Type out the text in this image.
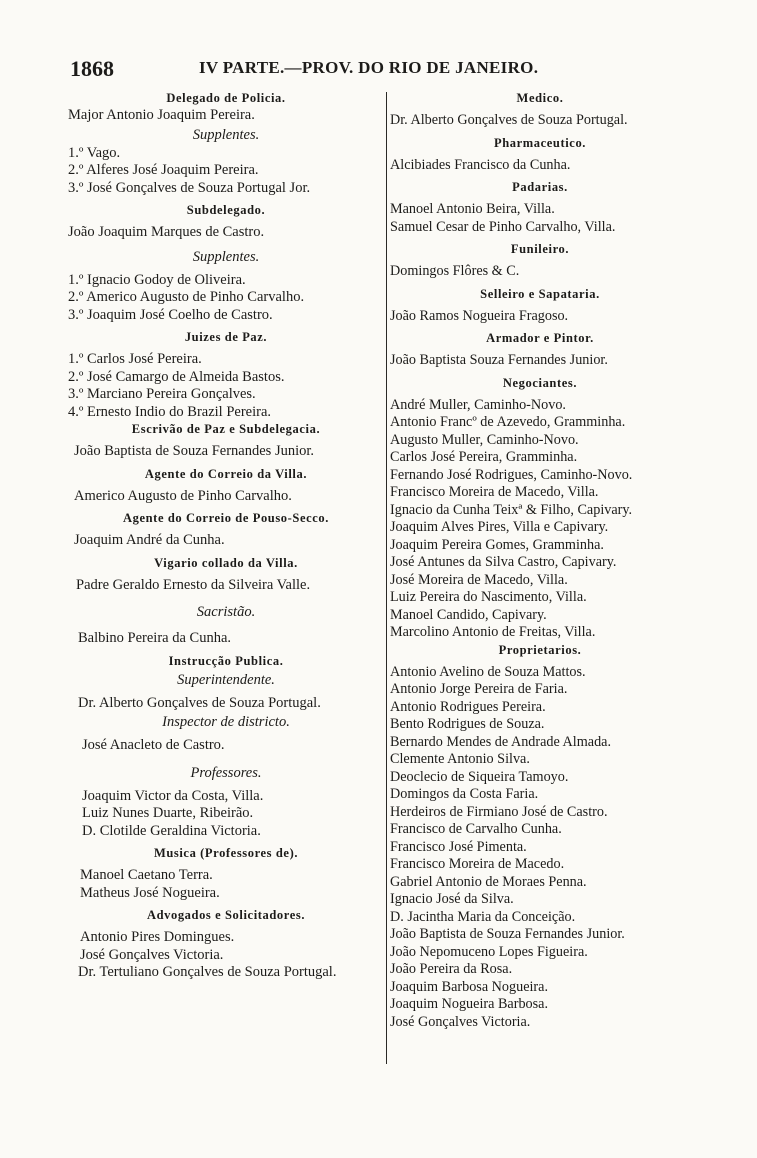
1868	IV PARTE.—PROV. DO RIO DE JANEIRO.
Delegado de Policia.
Major Antonio Joaquim Pereira.
Supplentes.
1.º Vago.
2.º Alferes José Joaquim Pereira.
3.º José Gonçalves de Souza Portugal Jor.
Subdelegado.
João Joaquim Marques de Castro.
Supplentes.
1.º Ignacio Godoy de Oliveira.
2.º Americo Augusto de Pinho Carvalho.
3.º Joaquim José Coelho de Castro.
Juizes de Paz.
1.º Carlos José Pereira.
2.º José Camargo de Almeida Bastos.
3.º Marciano Pereira Gonçalves.
4.º Ernesto Indio do Brazil Pereira.
Escrivão de Paz e Subdelegacia.
João Baptista de Souza Fernandes Junior.
Agente do Correio da Villa.
Americo Augusto de Pinho Carvalho.
Agente do Correio de Pouso-Secco.
Joaquim André da Cunha.
Vigario collado da Villa.
Padre Geraldo Ernesto da Silveira Valle.
Sacristão.
Balbino Pereira da Cunha.
Instrucção Publica.
Superintendente.
Dr. Alberto Gonçalves de Souza Portugal.
Inspector de districto.
José Anacleto de Castro.
Professores.
Joaquim Victor da Costa, Villa.
Luiz Nunes Duarte, Ribeirão.
D. Clotilde Geraldina Victoria.
Musica (Professores de).
Manoel Caetano Terra.
Matheus José Nogueira.
Advogados e Solicitadores.
Antonio Pires Domingues.
José Gonçalves Victoria.
Dr. Tertuliano Gonçalves de Souza Portugal.
Medico.
Dr. Alberto Gonçalves de Souza Portugal.
Pharmaceutico.
Alcibiades Francisco da Cunha.
Padarias.
Manoel Antonio Beira, Villa.
Samuel Cesar de Pinho Carvalho, Villa.
Funileiro.
Domingos Flôres & C.
Selleiro e Sapataria.
João Ramos Nogueira Fragoso.
Armador e Pintor.
João Baptista Souza Fernandes Junior.
Negociantes.
André Muller, Caminho-Novo.
Antonio Francº de Azevedo, Gramminha.
Augusto Muller, Caminho-Novo.
Carlos José Pereira, Gramminha.
Fernando José Rodrigues, Caminho-Novo.
Francisco Moreira de Macedo, Villa.
Ignacio da Cunha Teixª & Filho, Capivary.
Joaquim Alves Pires, Villa e Capivary.
Joaquim Pereira Gomes, Gramminha.
José Antunes da Silva Castro, Capivary.
José Moreira de Macedo, Villa.
Luiz Pereira do Nascimento, Villa.
Manoel Candido, Capivary.
Marcolino Antonio de Freitas, Villa.
Proprietarios.
Antonio Avelino de Souza Mattos.
Antonio Jorge Pereira de Faria.
Antonio Rodrigues Pereira.
Bento Rodrigues de Souza.
Bernardo Mendes de Andrade Almada.
Clemente Antonio Silva.
Deoclecio de Siqueira Tamoyo.
Domingos da Costa Faria.
Herdeiros de Firmiano José de Castro.
Francisco de Carvalho Cunha.
Francisco José Pimenta.
Francisco Moreira de Macedo.
Gabriel Antonio de Moraes Penna.
Ignacio José da Silva.
D. Jacintha Maria da Conceição.
João Baptista de Souza Fernandes Junior.
João Nepomuceno Lopes Figueira.
João Pereira da Rosa.
Joaquim Barbosa Nogueira.
Joaquim Nogueira Barbosa.
José Gonçalves Victoria.
